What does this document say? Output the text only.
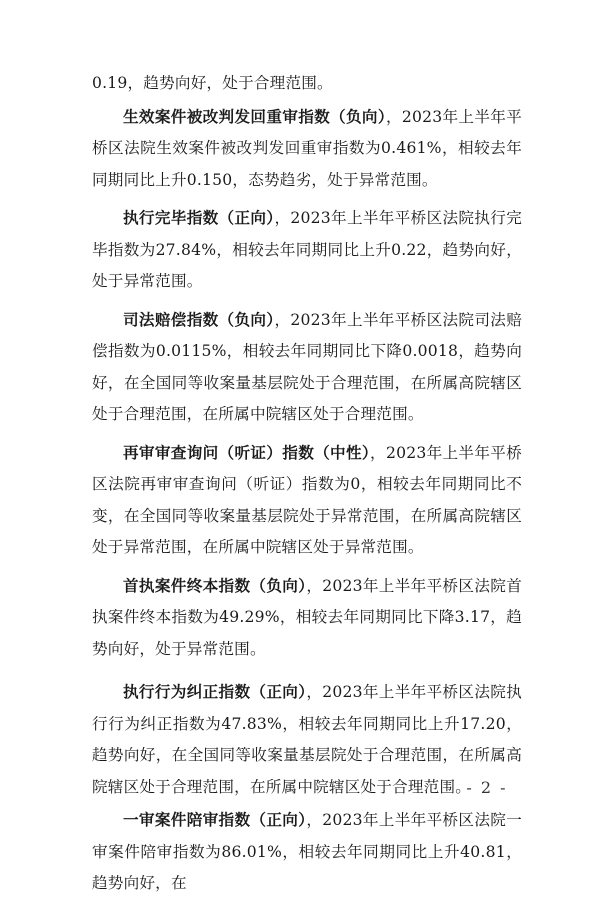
0.19，趋势向好，处于合理范围。

生效案件被改判发回重审指数（负向），2023年上半年平桥区法院生效案件被改判发回重审指数为0.461%，相较去年同期同比上升0.150，态势趋劣，处于异常范围。

执行完毕指数（正向），2023年上半年平桥区法院执行完毕指数为27.84%，相较去年同期同比上升0.22，趋势向好，处于异常范围。

司法赔偿指数（负向），2023年上半年平桥区法院司法赔偿指数为0.0115%，相较去年同期同比下降0.0018，趋势向好，在全国同等收案量基层院处于合理范围，在所属高院辖区处于合理范围，在所属中院辖区处于合理范围。

再审审查询问（听证）指数（中性），2023年上半年平桥区法院再审审查询问（听证）指数为0，相较去年同期同比不变，在全国同等收案量基层院处于异常范围，在所属高院辖区处于异常范围，在所属中院辖区处于异常范围。

首执案件终本指数（负向），2023年上半年平桥区法院首执案件终本指数为49.29%，相较去年同期同比下降3.17，趋势向好，处于异常范围。

执行行为纠正指数（正向），2023年上半年平桥区法院执行行为纠正指数为47.83%，相较去年同期同比上升17.20，趋势向好，在全国同等收案量基层院处于合理范围，在所属高院辖区处于合理范围，在所属中院辖区处于合理范围。

一审案件陪审指数（正向），2023年上半年平桥区法院一审案件陪审指数为86.01%，相较去年同期同比上升40.81，趋势向好，在

- 2 -
